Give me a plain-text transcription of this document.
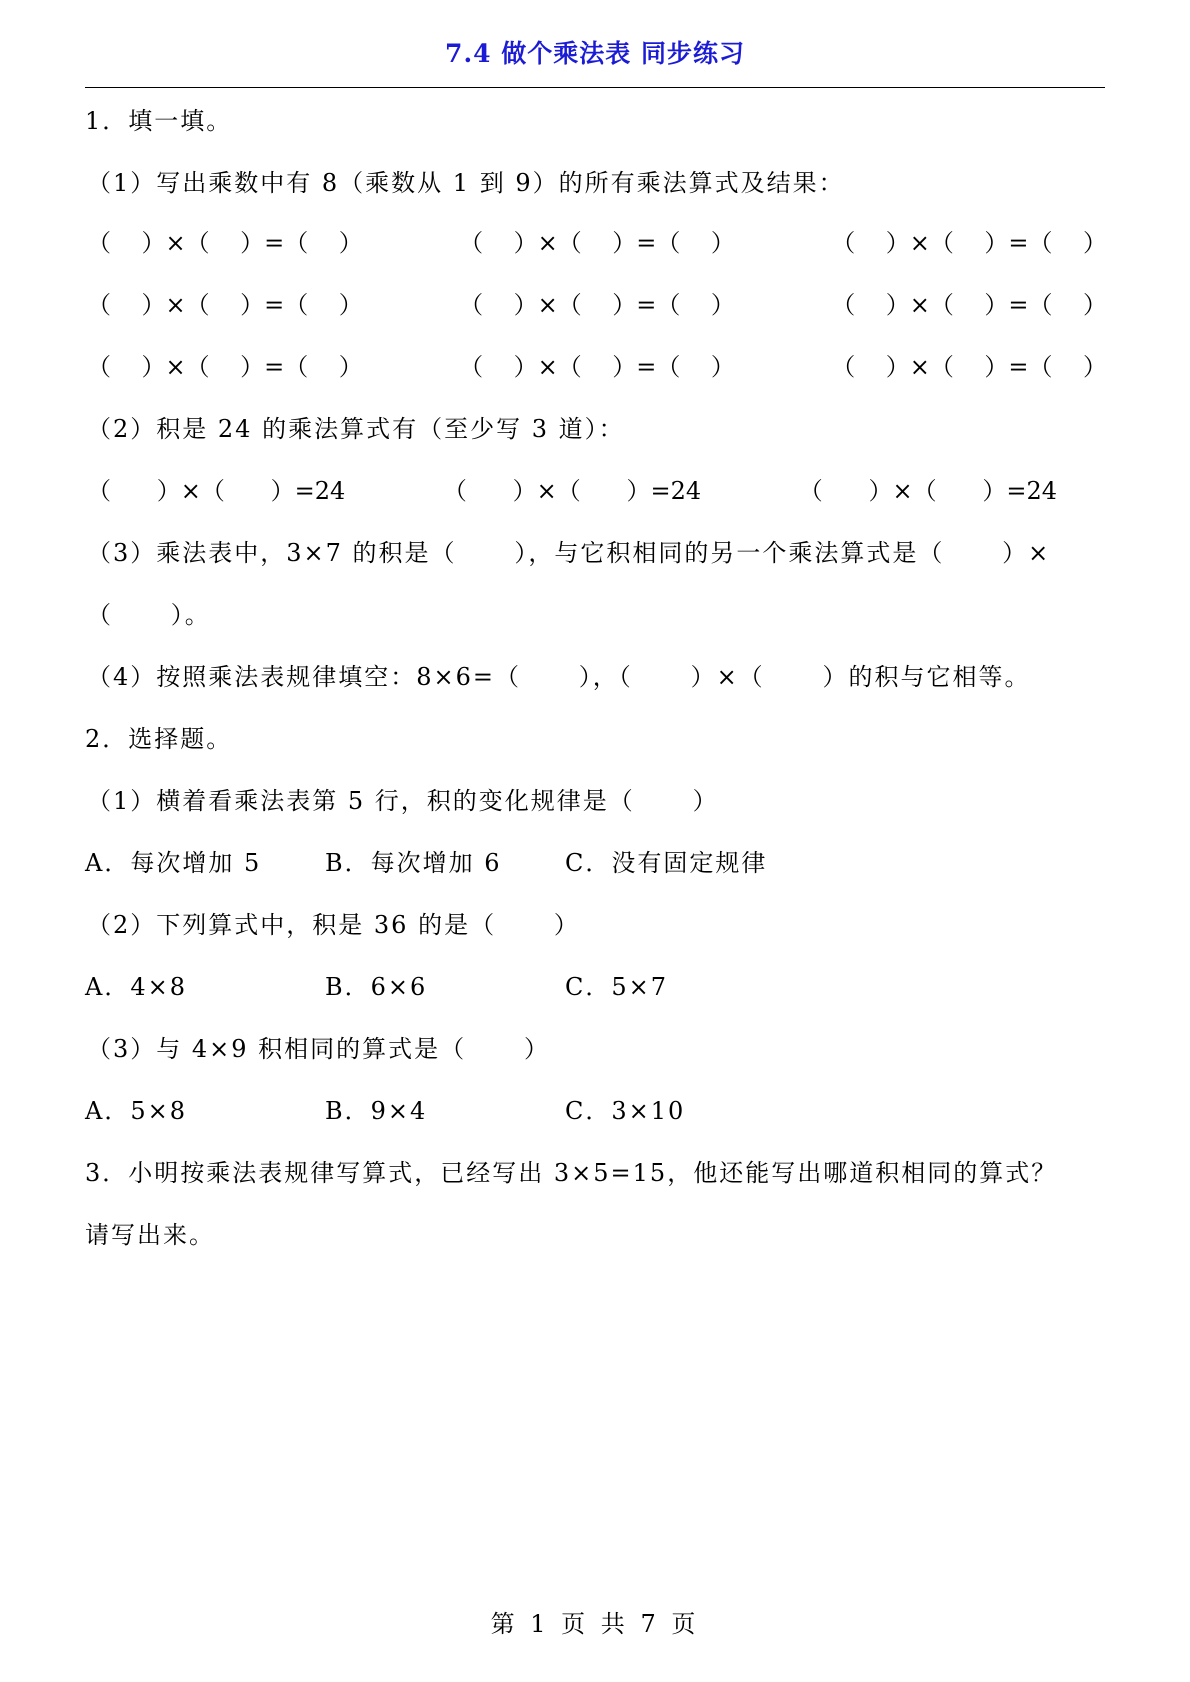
7.4 做个乘法表 同步练习
1．填一填。
（1）写出乘数中有 8（乘数从 1 到 9）的所有乘法算式及结果：
（    ）×（    ）=（    ）	（    ）×（    ）=（    ）	（    ）×（    ）=（    ）
（    ）×（    ）=（    ）	（    ）×（    ）=（    ）	（    ）×（    ）=（    ）
（    ）×（    ）=（    ）	（    ）×（    ）=（    ）	（    ）×（    ）=（    ）
（2）积是 24 的乘法算式有（至少写 3 道）：
（      ）×（      ）=24	（      ）×（      ）=24	（      ）×（      ）=24
（3）乘法表中，3×7 的积是（      ），与它积相同的另一个乘法算式是（      ）×
（      ）。
（4）按照乘法表规律填空：8×6=（      ），（      ）×（      ）的积与它相等。
2．选择题。
（1）横着看乘法表第 5 行，积的变化规律是（      ）
A．每次增加 5	B．每次增加 6	C．没有固定规律
（2）下列算式中，积是 36 的是（      ）
A．4×8	B．6×6	C．5×7
（3）与 4×9 积相同的算式是（      ）
A．5×8	B．9×4	C．3×10
3．小明按乘法表规律写算式，已经写出 3×5=15，他还能写出哪道积相同的算式？
请写出来。
第 1 页 共 7 页
